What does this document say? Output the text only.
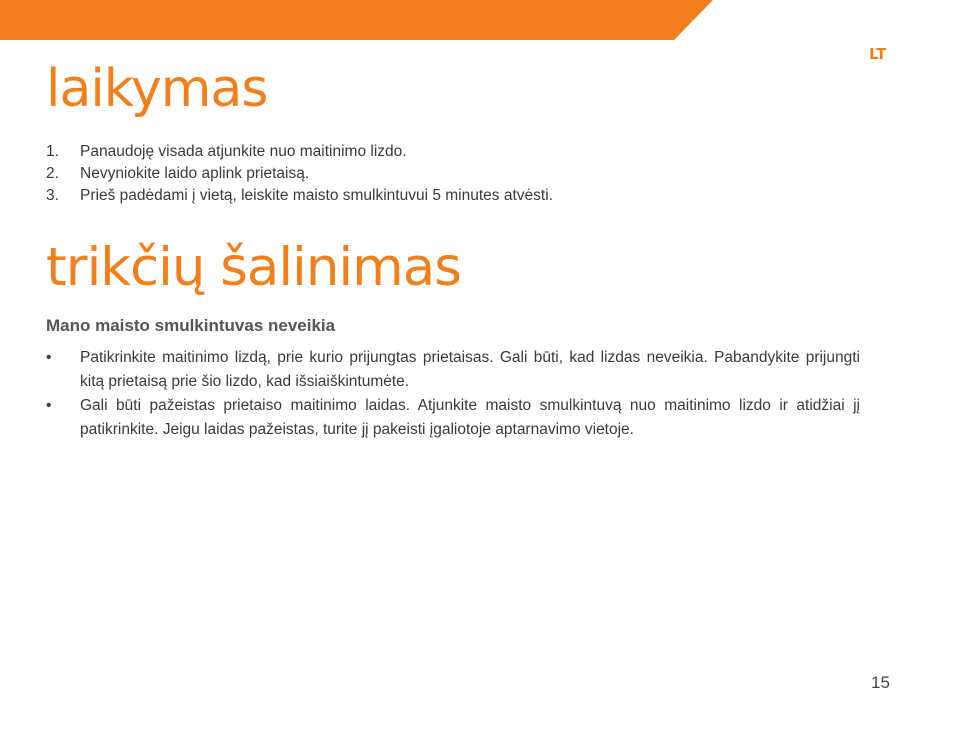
LT
laikymas
1. Panaudoję visada atjunkite nuo maitinimo lizdo.
2. Nevyniokite laido aplink prietaisą.
3. Prieš padėdami į vietą, leiskite maisto smulkintuvui 5 minutes atvėsti.
trikčių šalinimas
Mano maisto smulkintuvas neveikia
• Patikrinkite maitinimo lizdą, prie kurio prijungtas prietaisas. Gali būti, kad lizdas neveikia. Pabandykite prijungti kitą prietaisą prie šio lizdo, kad išsiaiškintumėte.
• Gali būti pažeistas prietaiso maitinimo laidas. Atjunkite maisto smulkintuvą nuo maitinimo lizdo ir atidžiai jį patikrinkite. Jeigu laidas pažeistas, turite jį pakeisti įgaliotoje aptarnavimo vietoje.
15
